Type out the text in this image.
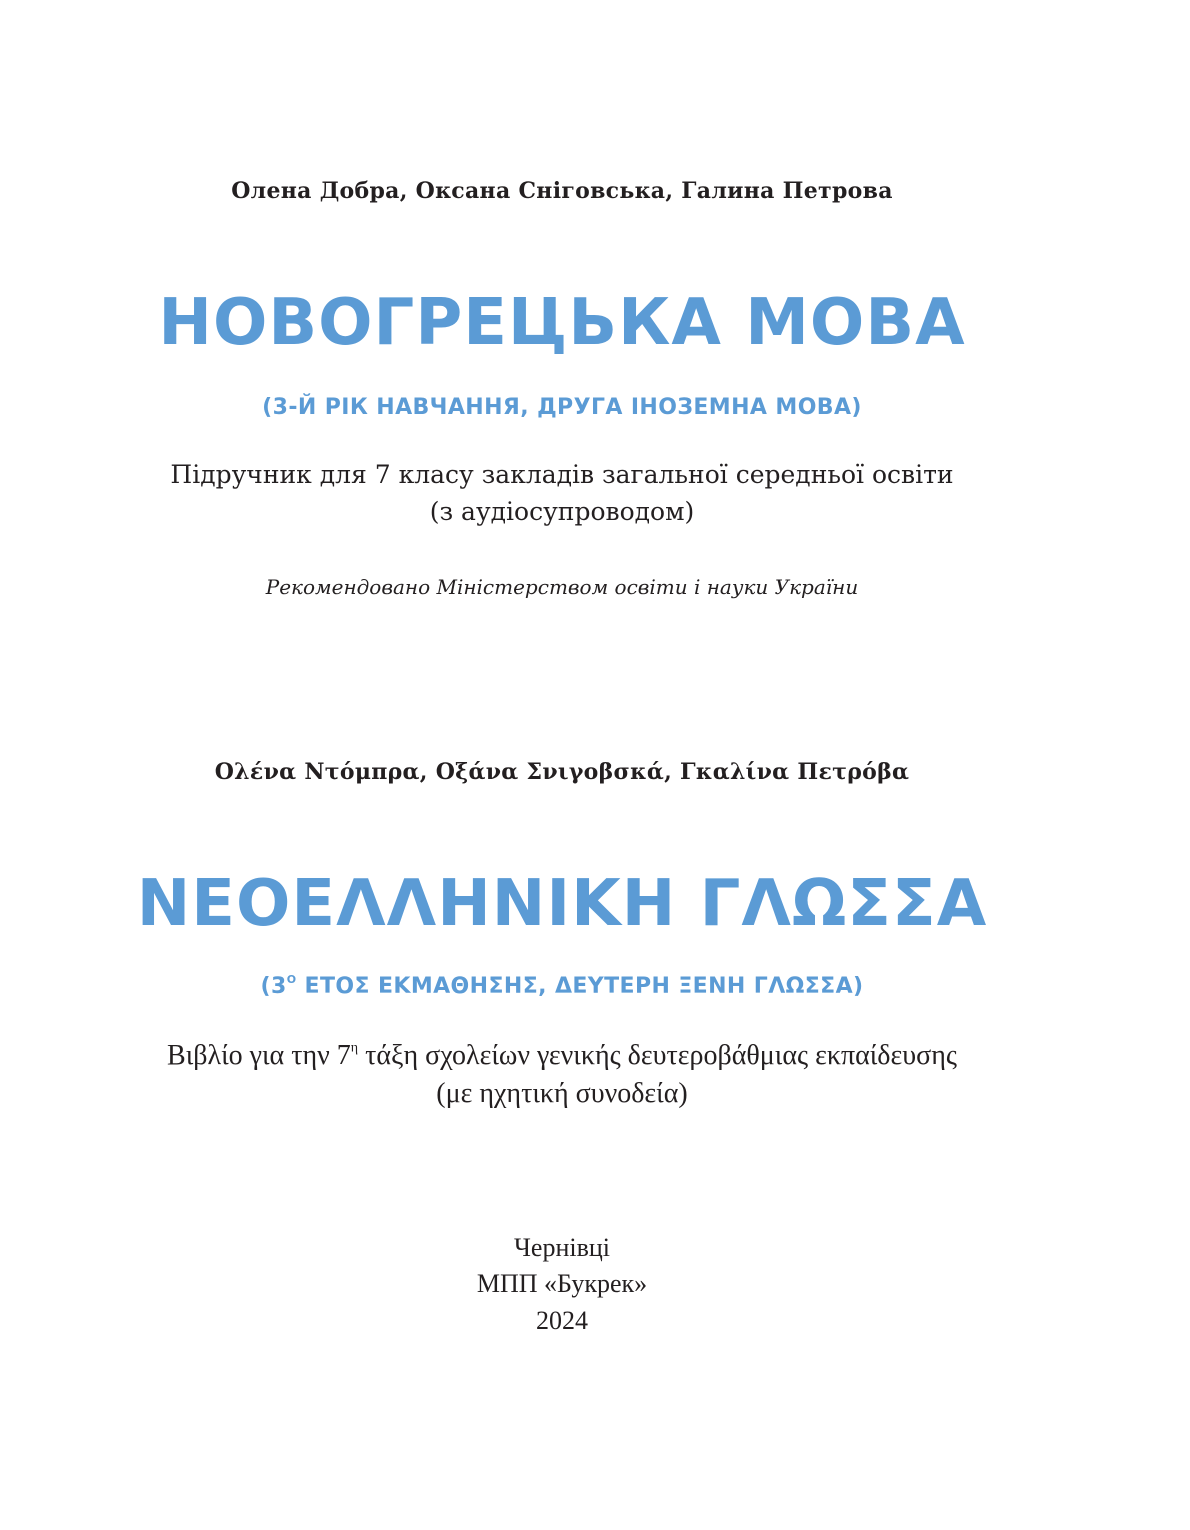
Олена Добра, Оксана Сніговська, Галина Петрова
НОВОГРЕЦЬКА МОВА
(3-Й РІК НАВЧАННЯ, ДРУГА ІНОЗЕМНА МОВА)
Підручник для 7 класу закладів загальної середньої освіти
(з аудіосупроводом)
Рекомендовано Міністерством освіти і науки України
Ολένα Ντόμπρα, Οξάνα Σνιγοβσκά, Γκαλίνα Πετρόβα
ΝΕΟΕΛΛΗΝΙΚΗ ΓΛΩΣΣΑ
($3^O$ ΕΤΟΣ ΕΚΜΑΘΗΣΗΣ, ΔΕΥΤΕΡΗ ΞΕΝΗ ΓΛΩΣΣΑ)
Βιβλίο για την $7^\eta$ τάξη σχολείων γενικής δευτεροβάθμιας εκπαίδευσης
(με ηχητική συνοδεία)
Чернівці
МПП «Букрек»
2024
